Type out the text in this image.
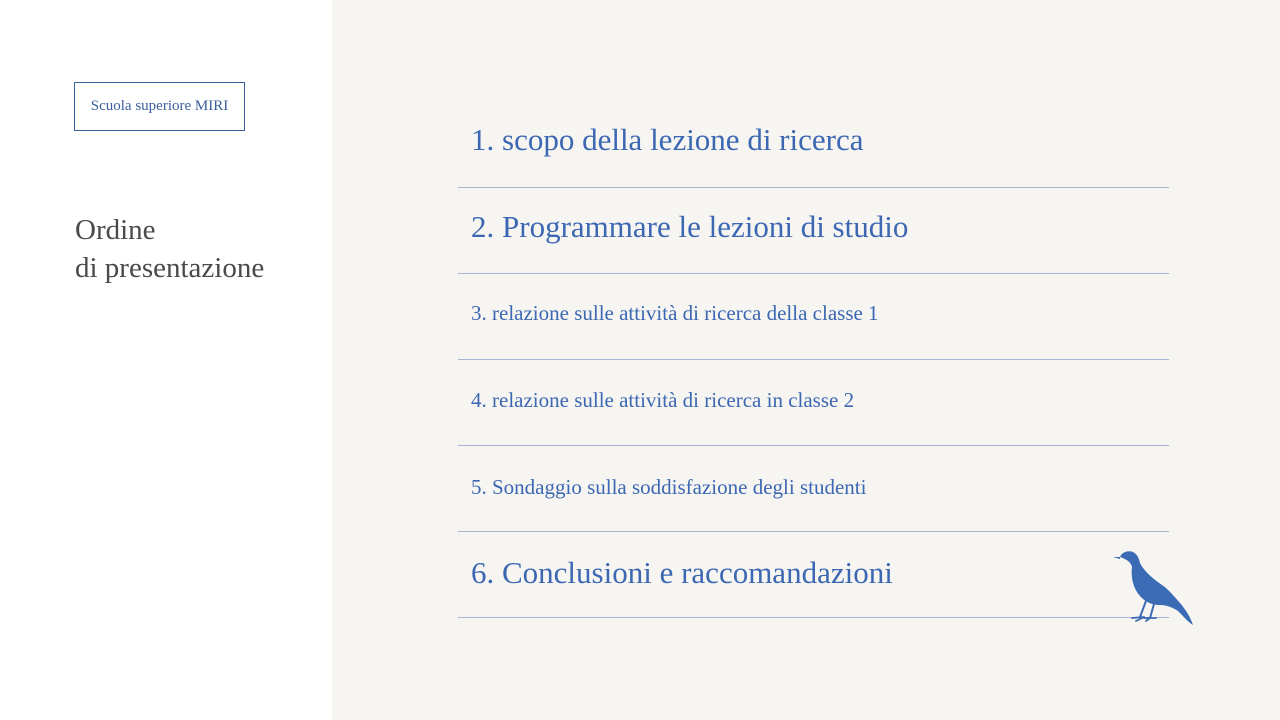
Scuola superiore MIRI
Ordine
di presentazione
1. scopo della lezione di ricerca
2. Programmare le lezioni di studio
3. relazione sulle attività di ricerca della classe 1
4. relazione sulle attività di ricerca in classe 2
5. Sondaggio sulla soddisfazione degli studenti
6. Conclusioni e raccomandazioni
